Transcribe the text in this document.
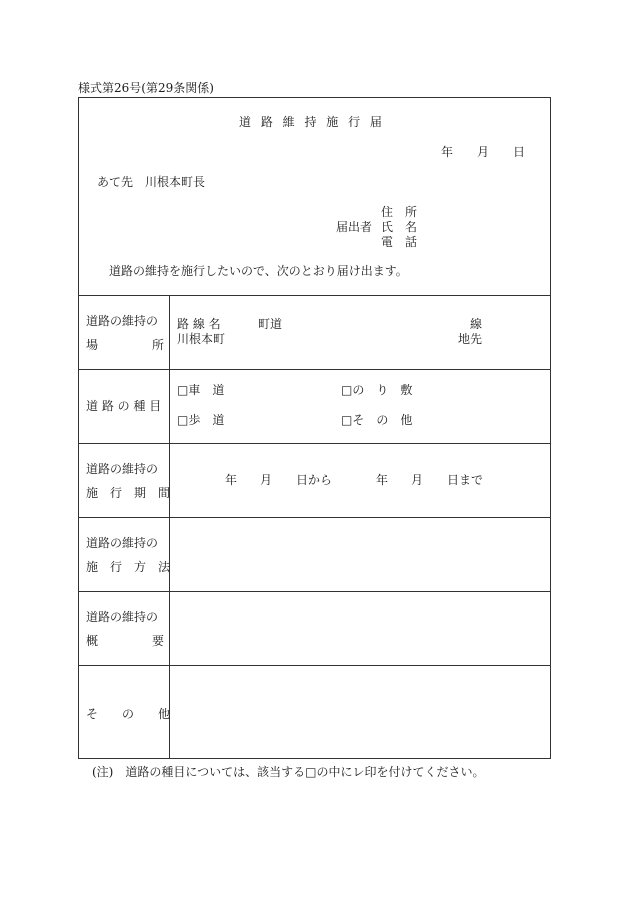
様式第26号(第29条関係)
道 路 維 持 施 行 届
年 月 日
あて先　川根本町長
住　所
届出者 氏　名
電　話
道路の維持を施行したいので、次のとおり届け出ます。
道路の維持の
場	所
路 線 名	町道	線
川根本町	地先
道 路 の 種 目
□車　道	□の　り　敷
□歩　道	□そ　の　他
道路の維持の
施　行　期　間
年 月 日から	年 月 日まで
道路の維持の
施　行　方　法
道路の維持の
概	要
そ　　の　　他
(注)　道路の種目については、該当する□の中にレ印を付けてください。
